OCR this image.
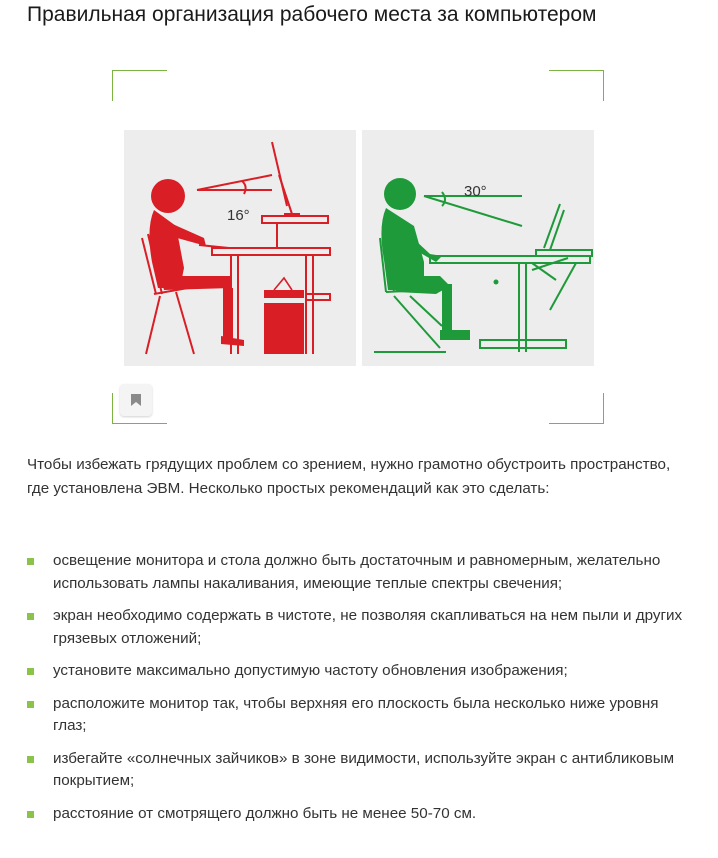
Правильная организация рабочего места за компьютером
16°
30°

Чтобы избежать грядущих проблем со зрением, нужно грамотно обустроить пространство, где установлена ЭВМ. Несколько простых рекомендаций как это сделать:

освещение монитора и стола должно быть достаточным и равномерным, желательно использовать лампы накаливания, имеющие теплые спектры свечения;
экран необходимо содержать в чистоте, не позволяя скапливаться на нем пыли и других грязевых отложений;
установите максимально допустимую частоту обновления изображения;
расположите монитор так, чтобы верхняя его плоскость была несколько ниже уровня глаз;
избегайте «солнечных зайчиков» в зоне видимости, используйте экран с антибликовым покрытием;
расстояние от смотрящего должно быть не менее 50-70 см.
